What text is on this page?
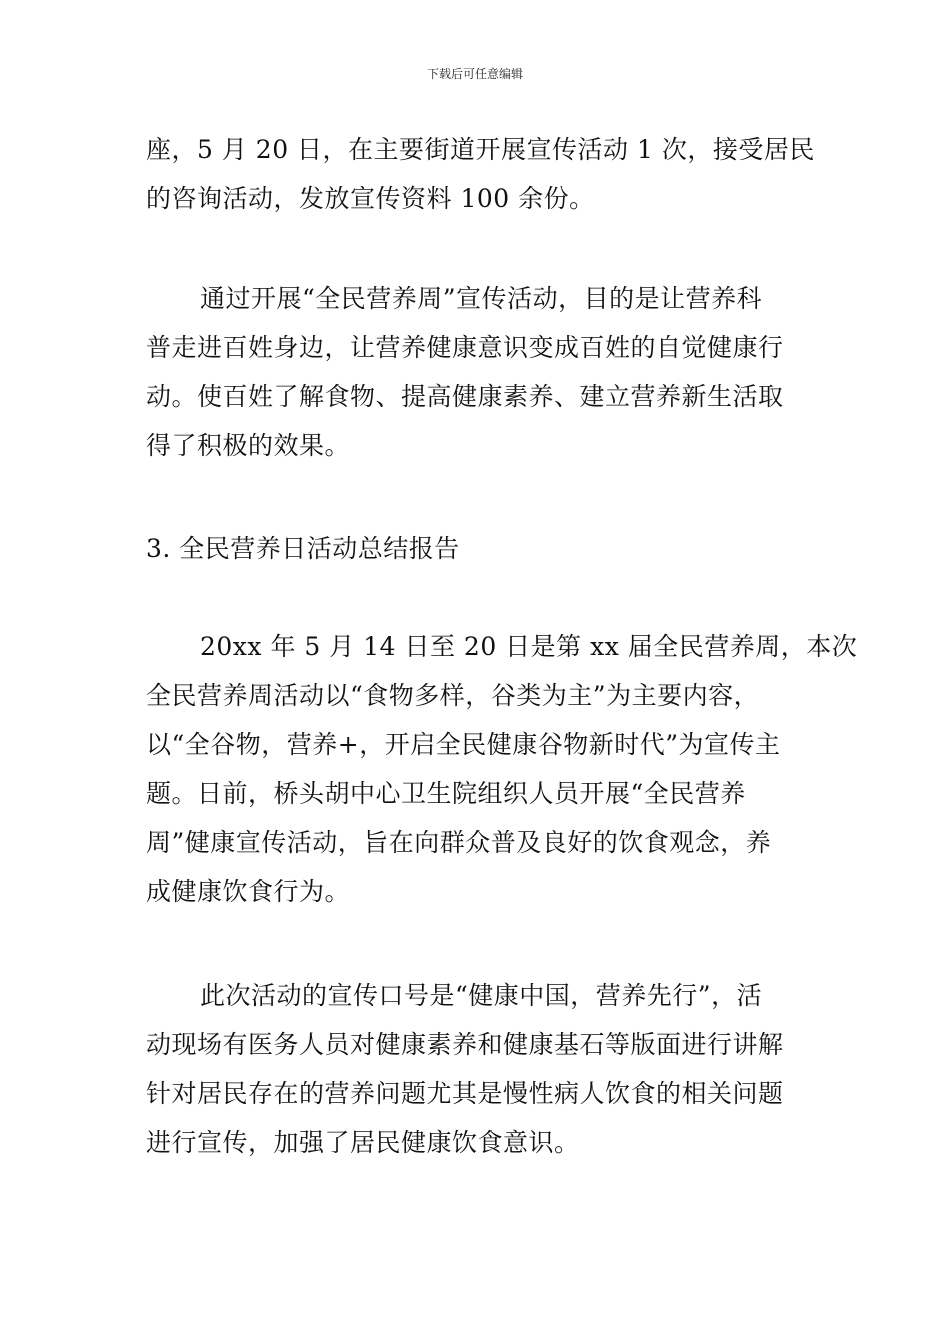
下载后可任意编辑
座，5 月 20 日，在主要街道开展宣传活动 1 次，接受居民
的咨询活动，发放宣传资料 100 余份。
通过开展“全民营养周”宣传活动，目的是让营养科
普走进百姓身边，让营养健康意识变成百姓的自觉健康行
动。使百姓了解食物、提高健康素养、建立营养新生活取
得了积极的效果。
3. 全民营养日活动总结报告
20xx 年 5 月 14 日至 20 日是第 xx 届全民营养周，本次
全民营养周活动以“食物多样，谷类为主”为主要内容，
以“全谷物，营养+，开启全民健康谷物新时代”为宣传主
题。日前，桥头胡中心卫生院组织人员开展“全民营养
周”健康宣传活动，旨在向群众普及良好的饮食观念，养
成健康饮食行为。
此次活动的宣传口号是“健康中国，营养先行”，活
动现场有医务人员对健康素养和健康基石等版面进行讲解
针对居民存在的营养问题尤其是慢性病人饮食的相关问题
进行宣传，加强了居民健康饮食意识。
